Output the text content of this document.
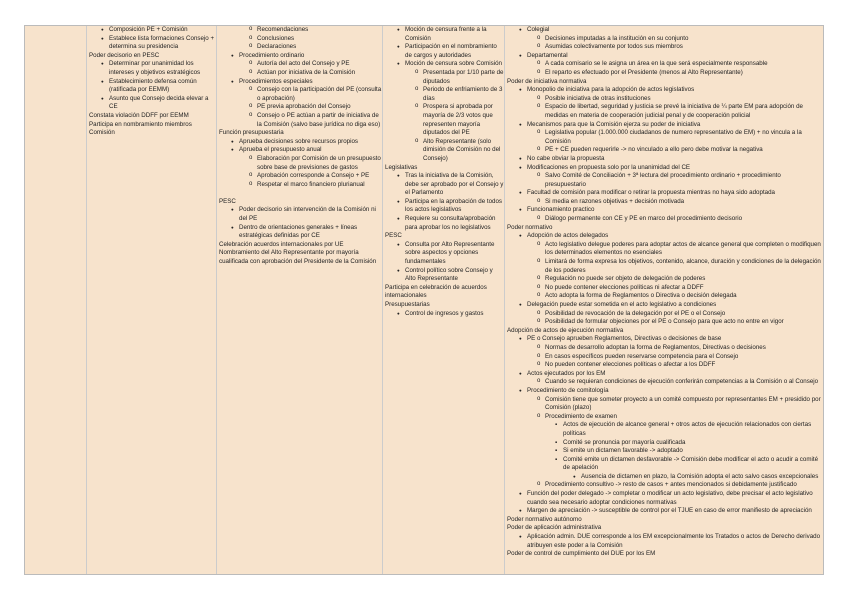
● Composición PE + Comisión
● Establece lista formaciones Consejo + determina su presidencia
Poder decisorio en PESC
● Determinar por unanimidad los intereses y objetivos estratégicos
● Establecimiento defensa común (ratificada por EEMM)
● Asunto que Consejo decida elevar a CE
Constata violación DDFF por EEMM
Participa en nombramiento miembros Comisión
o Recomendaciones
o Conclusiones
o Declaraciones
● Procedimiento ordinario
o Autoría del acto del Consejo y PE
o Actúan por iniciativa de la Comisión
● Procedimientos especiales
o Consejo con la participación del PE (consulta o aprobación)
o PE previa aprobación del Consejo
o Consejo o PE actúan a partir de iniciativa de la Comisión (salvo base jurídica no diga eso)
Función presupuestaria
● Aprueba decisiones sobre recursos propios
● Aprueba el presupuesto anual
o Elaboración por Comisión de un presupuesto sobre base de previsiones de gastos
o Aprobación corresponde a Consejo + PE
o Respetar el marco financiero plurianual
PESC
● Poder decisorio sin intervención de la Comisión ni del PE
● Dentro de orientaciones generales + líneas estratégicas definidas por CE
Celebración acuerdos internacionales por UE
Nombramiento del Alto Representante por mayoría cualificada con aprobación del Presidente de la Comisión
● Moción de censura frente a la Comisión
● Participación en el nombramiento de cargos y autoridades
● Moción de censura sobre Comisión
o Presentada por 1/10 parte de diputados
o Periodo de enfriamiento de 3 días
o Prospera si aprobada por mayoría de 2/3 votos que representen mayoría diputados del PE
o Alto Representante (solo dimisión de Comisión no del Consejo)
Legislativas
● Tras la iniciativa de la Comisión, debe ser aprobado por el Consejo y el Parlamento
● Participa en la aprobación de todos los actos legislativos
● Requiere su consulta/aprobación para aprobar los no legislativos
PESC
● Consulta por Alto Representante sobre aspectos y opciones fundamentales
● Control político sobre Consejo y Alto Representante
Participa en celebración de acuerdos internacionales
Presupuestarias
● Control de ingresos y gastos
● Colegial
o Decisiones imputadas a la institución en su conjunto
o Asumidas colectivamente por todos sus miembros
● Departamental
o A cada comisario se le asigna un área en la que será especialmente responsable
o El reparto es efectuado por el Presidente (menos al Alto Representante)
Poder de iniciativa normativa
● Monopolio de iniciativa para la adopción de actos legislativos
o Posible iniciativa de otras instituciones
o Espacio de libertad, seguridad y justicia se prevé la iniciativa de ¼ parte EM para adopción de medidas en materia de cooperación judicial penal y de cooperación policial
● Mecanismos para que la Comisión ejerza su poder de iniciativa
o Legislativa popular (1.000.000 ciudadanos de numero representativo de EM) + no vincula a la Comisión
o PE + CE pueden requerirle -> no vinculado a ello pero debe motivar la negativa
● No cabe obviar la propuesta
● Modificaciones en propuesta solo por la unanimidad del CE
o Salvo Comité de Conciliación + 3ª lectura del procedimiento ordinario + procedimiento presupuestario
● Facultad de comisión para modificar o retirar la propuesta mientras no haya sido adoptada
o Si media en razones objetivas + decisión motivada
● Funcionamiento practico
o Diálogo permanente con CE y PE en marco del procedimiento decisorio
Poder normativo
● Adopción de actos delegados
o Acto legislativo delegue poderes para adoptar actos de alcance general que completen o modifiquen los determinados elementos no esenciales
o Limitará de forma expresa los objetivos, contenido, alcance, duración y condiciones de la delegación de los poderes
o Regulación no puede ser objeto de delegación de poderes
o No puede contener elecciones políticas ni afectar a DDFF
o Acto adopta la forma de Reglamentos o Directiva o decisión delegada
● Delegación puede estar sometida en el acto legislativo a condiciones
o Posibilidad de revocación de la delegación por el PE o el Consejo
o Posibilidad de formular objeciones por el PE o Consejo para que acto no entre en vigor
Adopción de actos de ejecución normativa
● PE o Consejo aprueben Reglamentos, Directivas o decisiones de base
o Normas de desarrollo adoptan la forma de Reglamentos, Directivas o decisiones
o En casos específicos pueden reservarse competencia para el Consejo
o No pueden contener elecciones políticas o afectar a los DDFF
● Actos ejecutados por los EM
o Cuando se requieran condiciones de ejecución conferirán competencias a la Comisión o al Consejo
● Procedimiento de comitología
o Comisión tiene que someter proyecto a un comité compuesto por representantes EM + presidido por Comisión (plazo)
o Procedimiento de examen
▪ Actos de ejecución de alcance general + otros actos de ejecución relacionados con ciertas políticas
▪ Comité se pronuncia por mayoría cualificada
▪ Si emite un dictamen favorable -> adoptado
▪ Comité emite un dictamen desfavorable -> Comisión debe modificar el acto o acudir a comité de apelación
● Ausencia de dictamen en plazo, la Comisión adopta el acto salvo casos excepcionales
o Procedimiento consultivo -> resto de casos + antes mencionados si debidamente justificado
● Función del poder delegado -> completar o modificar un acto legislativo, debe precisar el acto legislativo cuando sea necesario adoptar condiciones normativas
● Margen de apreciación -> susceptible de control por el TJUE en caso de error manifiesto de apreciación
Poder normativo autónomo
Poder de aplicación administrativa
● Aplicación admin. DUE corresponde a los EM excepcionalmente los Tratados o actos de Derecho derivado atribuyen este poder a la Comisión
Poder de control de cumplimiento del DUE por los EM
